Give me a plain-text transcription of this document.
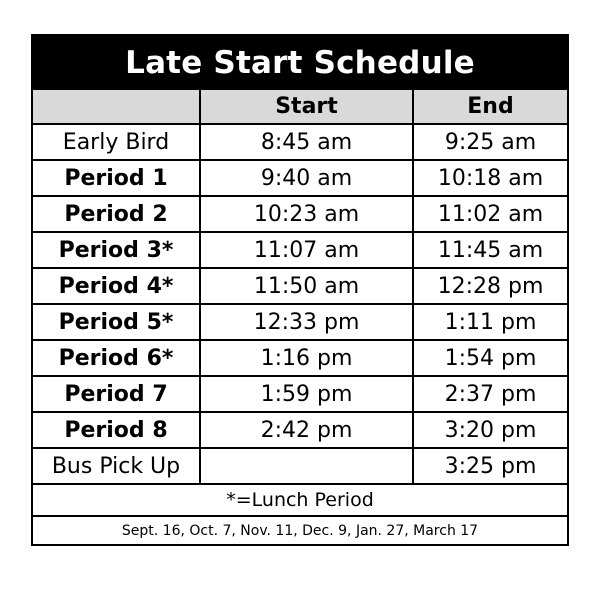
Late Start Schedule
	Start	End
Early Bird	8:45 am	9:25 am
Period 1	9:40 am	10:18 am
Period 2	10:23 am	11:02 am
Period 3*	11:07 am	11:45 am
Period 4*	11:50 am	12:28 pm
Period 5*	12:33 pm	1:11 pm
Period 6*	1:16 pm	1:54 pm
Period 7	1:59 pm	2:37 pm
Period 8	2:42 pm	3:20 pm
Bus Pick Up		3:25 pm
*=Lunch Period		
Sept. 16, Oct. 7, Nov. 11, Dec. 9, Jan. 27, March 17		
